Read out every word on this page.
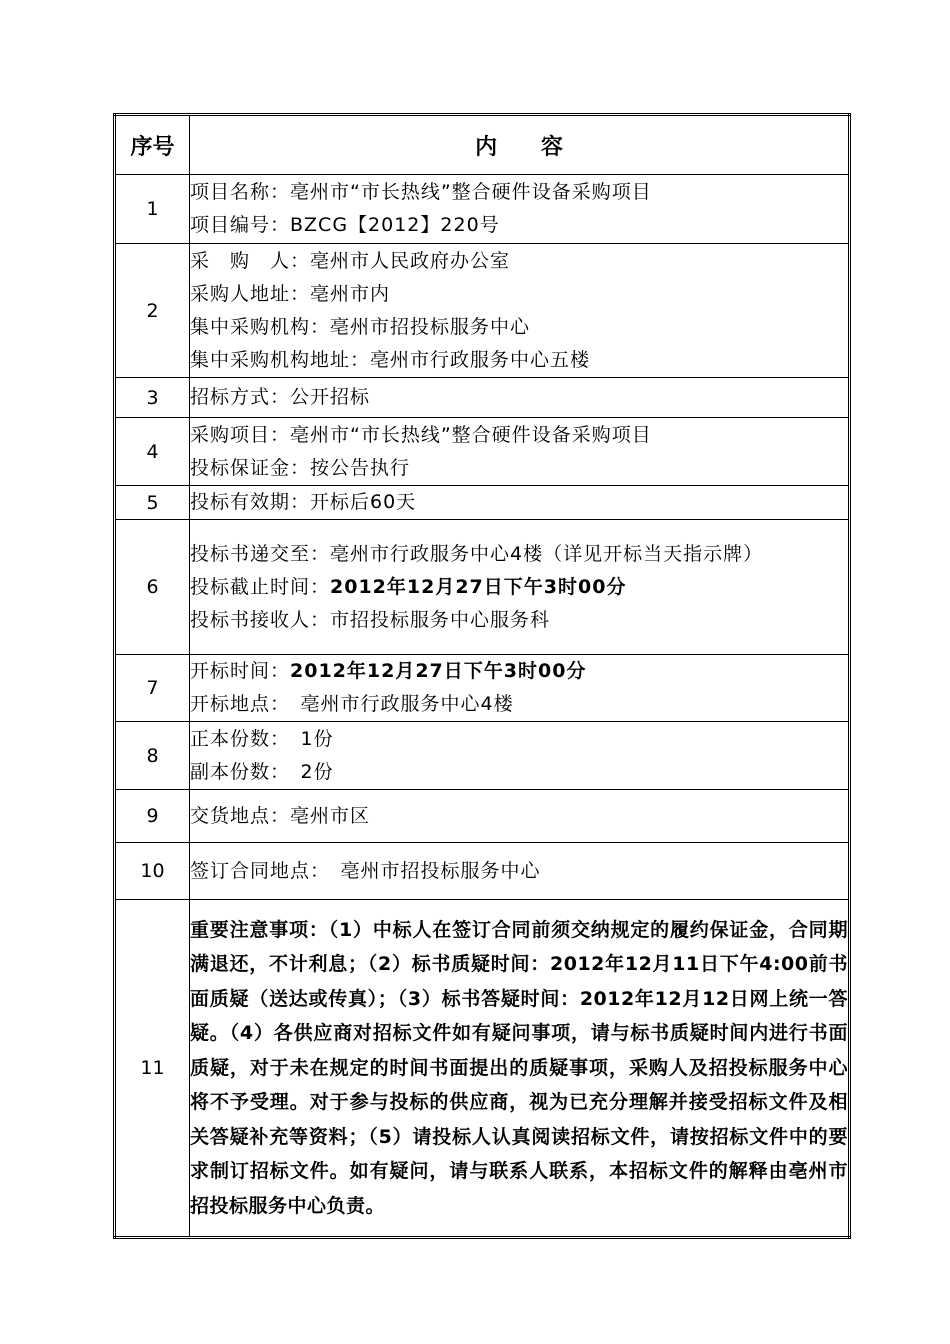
序号	内 容
1	项目名称：亳州市“市长热线”整合硬件设备采购项目
项目编号：BZCG【2012】220号

2	采　购　人：亳州市人民政府办公室
采购人地址：亳州市内
集中采购机构：亳州市招投标服务中心
集中采购机构地址：亳州市行政服务中心五楼

3	招标方式：公开招标

4	采购项目：亳州市“市长热线”整合硬件设备采购项目
投标保证金：按公告执行

5	投标有效期：开标后60天

6	投标书递交至：亳州市行政服务中心4楼（详见开标当天指示牌）
投标截止时间：2012年12月27日下午3时00分
投标书接收人：市招投标服务中心服务科

7	开标时间：2012年12月27日下午3时00分
开标地点：　亳州市行政服务中心4楼

8	正本份数：　1份
副本份数：　2份

9	交货地点：亳州市区

10	签订合同地点：　亳州市招投标服务中心

11	重要注意事项：（1）中标人在签订合同前须交纳规定的履约保证金，合同期满退还，不计利息；（2）标书质疑时间：2012年12月11日下午4:00前书面质疑（送达或传真）；（3）标书答疑时间：2012年12月12日网上统一答疑。（4）各供应商对招标文件如有疑问事项，请与标书质疑时间内进行书面质疑，对于未在规定的时间书面提出的质疑事项，采购人及招投标服务中心将不予受理。对于参与投标的供应商，视为已充分理解并接受招标文件及相关答疑补充等资料；（5）请投标人认真阅读招标文件，请按招标文件中的要求制订招标文件。如有疑问，请与联系人联系，本招标文件的解释由亳州市招投标服务中心负责。
